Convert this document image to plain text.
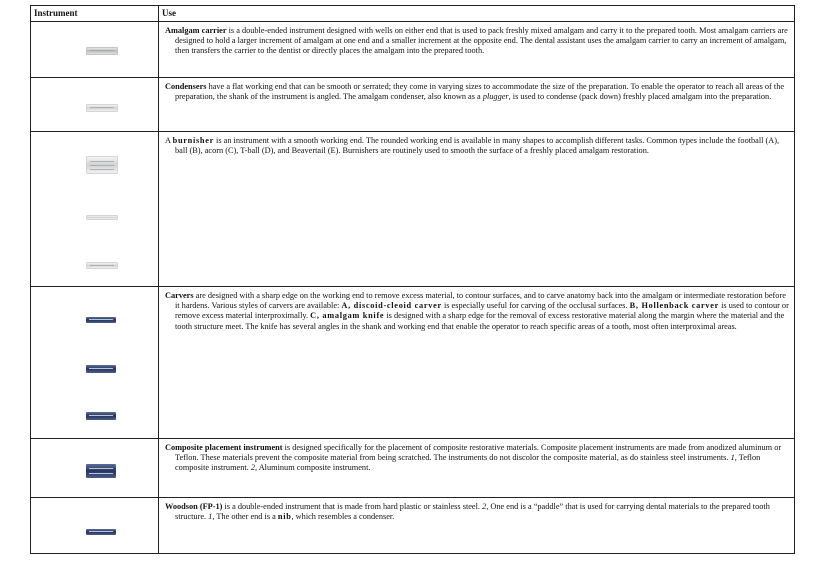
Instrument	Use

	Amalgam carrier is a double-ended instrument designed with wells on either end that is used to pack freshly mixed amalgam and carry it to the prepared tooth. Most amalgam carriers are designed to hold a larger increment of amalgam at one end and a smaller increment at the opposite end. The dental assistant uses the amalgam carrier to carry an increment of amalgam, then transfers the carrier to the dentist or directly places the amalgam into the prepared tooth.

	Condensers have a flat working end that can be smooth or serrated; they come in varying sizes to accommodate the size of the preparation. To enable the operator to reach all areas of the preparation, the shank of the instrument is angled. The amalgam condenser, also known as a plugger, is used to condense (pack down) freshly placed amalgam into the preparation.

	A burnisher is an instrument with a smooth working end. The rounded working end is available in many shapes to accomplish different tasks. Common types include the football (A), ball (B), acorn (C), T-ball (D), and Beavertail (E). Burnishers are routinely used to smooth the surface of a freshly placed amalgam restoration.

	Carvers are designed with a sharp edge on the working end to remove excess material, to contour surfaces, and to carve anatomy back into the amalgam or intermediate restoration before it hardens. Various styles of carvers are available: A, discoid-cleoid carver is especially useful for carving of the occlusal surfaces. B, Hollenback carver is used to contour or remove excess material interproximally. C, amalgam knife is designed with a sharp edge for the removal of excess restorative material along the margin where the material and the tooth structure meet. The knife has several angles in the shank and working end that enable the operator to reach specific areas of a tooth, most often interproximal areas.

	Composite placement instrument is designed specifically for the placement of composite restorative materials. Composite placement instruments are made from anodized aluminum or Teflon. These materials prevent the composite material from being scratched. The instruments do not discolor the composite material, as do stainless steel instruments. 1, Teflon composite instrument. 2, Aluminum composite instrument.

	Woodson (FP-1) is a double-ended instrument that is made from hard plastic or stainless steel. 2, One end is a “paddle” that is used for carrying dental materials to the prepared tooth structure. 1, The other end is a nib, which resembles a condenser.
